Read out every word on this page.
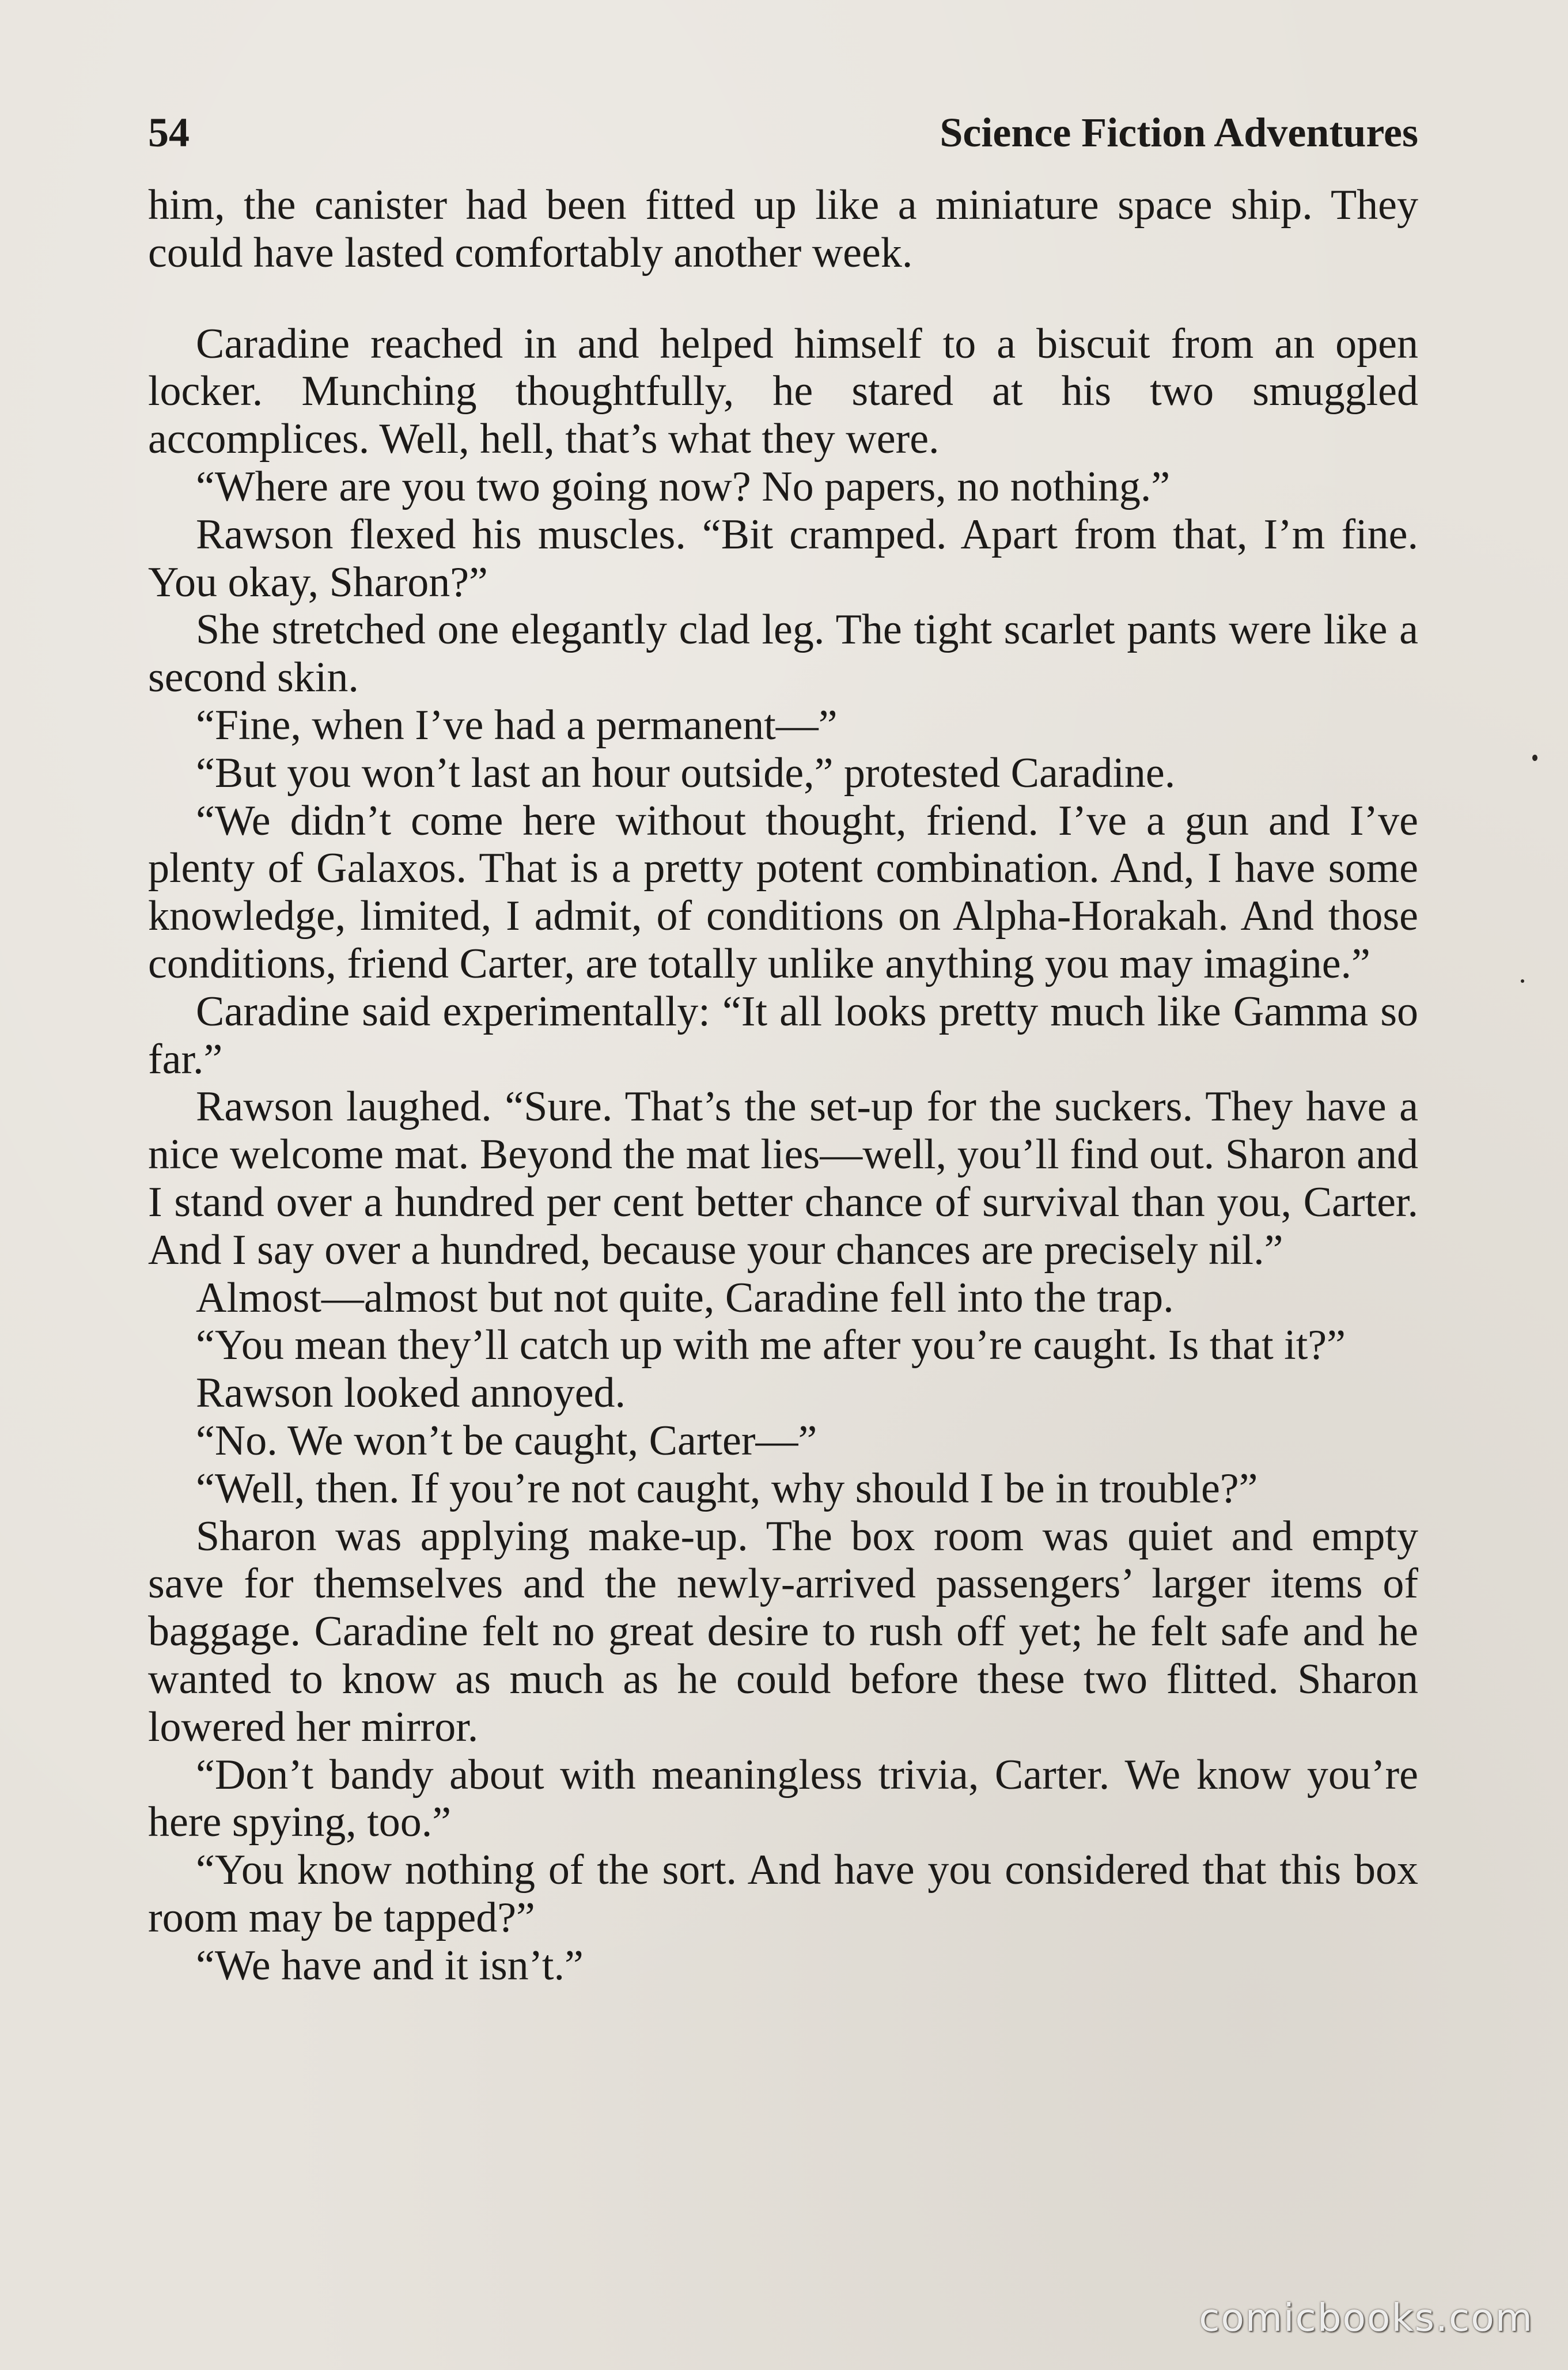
54	Science Fiction Adventures

him, the canister had been fitted up like a miniature space ship. They could have lasted comfortably another week.

Caradine reached in and helped himself to a biscuit from an open locker. Munching thoughtfully, he stared at his two smuggled accomplices. Well, hell, that’s what they were.

“Where are you two going now? No papers, no nothing.”

Rawson flexed his muscles. “Bit cramped. Apart from that, I’m fine. You okay, Sharon?”

She stretched one elegantly clad leg. The tight scarlet pants were like a second skin.

“Fine, when I’ve had a permanent—”

“But you won’t last an hour outside,” protested Caradine.

“We didn’t come here without thought, friend. I’ve a gun and I’ve plenty of Galaxos. That is a pretty potent combination. And, I have some knowledge, limited, I admit, of conditions on Alpha-Horakah. And those conditions, friend Carter, are totally unlike anything you may imagine.”

Caradine said experimentally: “It all looks pretty much like Gamma so far.”

Rawson laughed. “Sure. That’s the set-up for the suckers. They have a nice welcome mat. Beyond the mat lies—well, you’ll find out. Sharon and I stand over a hundred per cent better chance of survival than you, Carter. And I say over a hundred, because your chances are precisely nil.”

Almost—almost but not quite, Caradine fell into the trap.

“You mean they’ll catch up with me after you’re caught. Is that it?”

Rawson looked annoyed.

“No. We won’t be caught, Carter—”

“Well, then. If you’re not caught, why should I be in trouble?”

Sharon was applying make-up. The box room was quiet and empty save for themselves and the newly-arrived passengers’ larger items of baggage. Caradine felt no great desire to rush off yet; he felt safe and he wanted to know as much as he could before these two flitted. Sharon lowered her mirror.

“Don’t bandy about with meaningless trivia, Carter. We know you’re here spying, too.”

“You know nothing of the sort. And have you considered that this box room may be tapped?”

“We have and it isn’t.”

comicbooks.com
